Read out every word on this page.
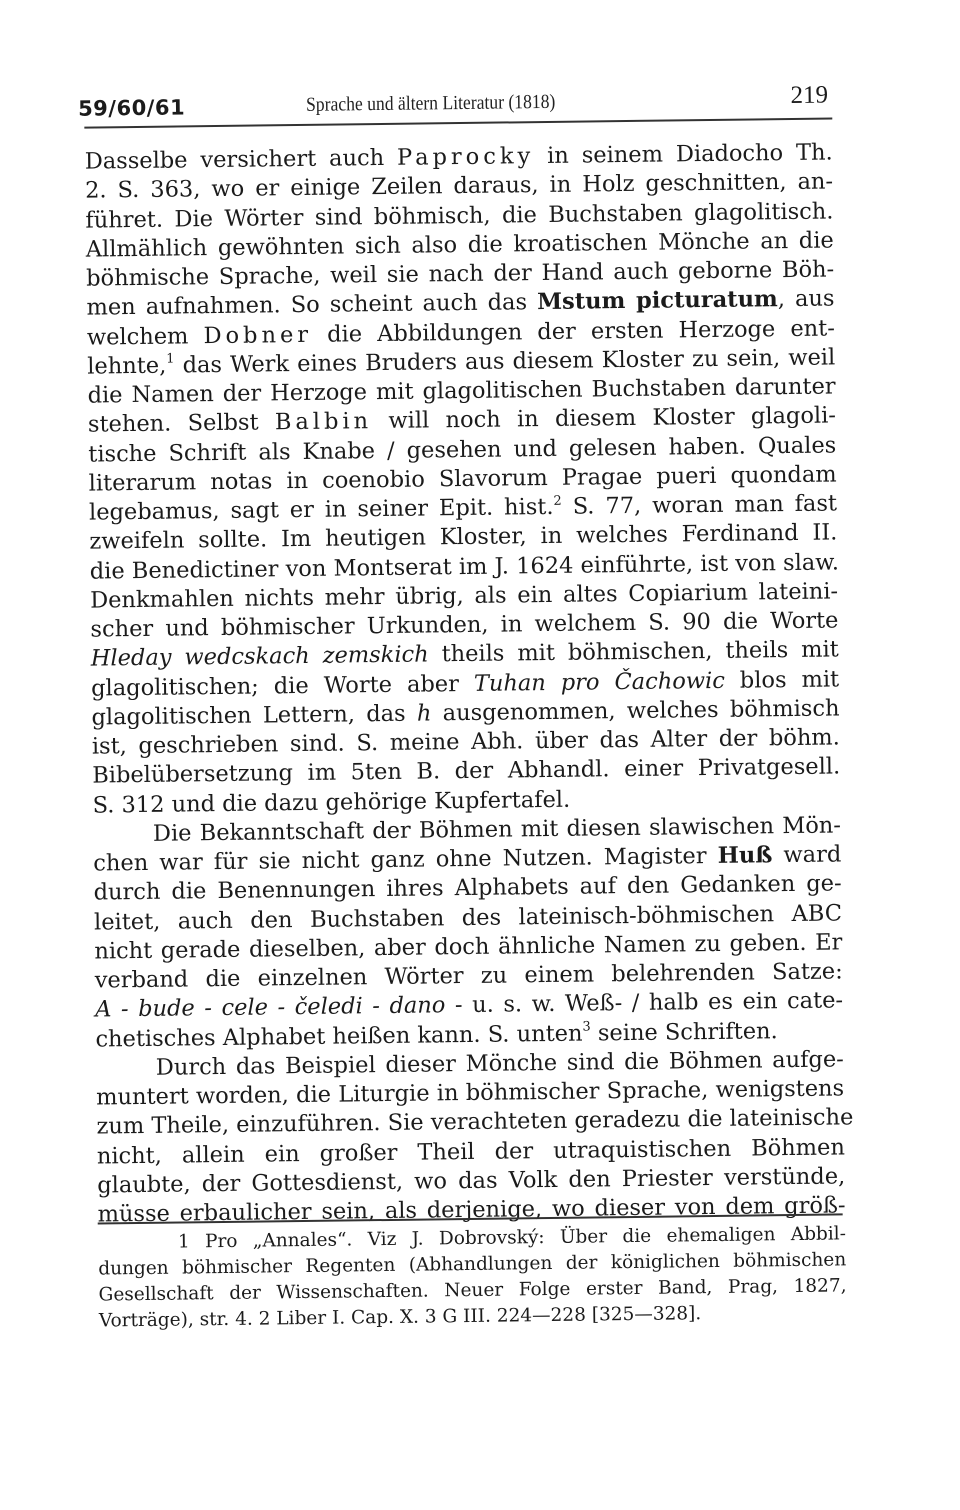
59/60/61	Sprache und ältern Literatur (1818)	219
Dasselbe versichert auch Paprocky in seinem Diadocho Th.
2. S. 363, wo er einige Zeilen daraus, in Holz geschnitten, an-
führet. Die Wörter sind böhmisch, die Buchstaben glagolitisch.
Allmählich gewöhnten sich also die kroatischen Mönche an die
böhmische Sprache, weil sie nach der Hand auch geborne Böh-
men aufnahmen. So scheint auch das Mstum picturatum, aus
welchem Dobner die Abbildungen der ersten Herzoge ent-
lehnte,$^1$ das Werk eines Bruders aus diesem Kloster zu sein, weil
die Namen der Herzoge mit glagolitischen Buchstaben darunter
stehen. Selbst Balbin will noch in diesem Kloster glagoli-
tische Schrift als Knabe / gesehen und gelesen haben. Quales
literarum notas in coenobio Slavorum Pragae pueri quondam
legebamus, sagt er in seiner Epit. hist.$^2$ S. 77, woran man fast
zweifeln sollte. Im heutigen Kloster, in welches Ferdinand II.
die Benedictiner von Montserat im J. 1624 einführte, ist von slaw.
Denkmahlen nichts mehr übrig, als ein altes Copiarium lateini-
scher und böhmischer Urkunden, in welchem S. 90 die Worte
Hleday wedcskach zemskich theils mit böhmischen, theils mit
glagolitischen; die Worte aber Tuhan pro Čachowic blos mit
glagolitischen Lettern, das h ausgenommen, welches böhmisch
ist, geschrieben sind. S. meine Abh. über das Alter der böhm.
Bibelübersetzung im 5ten B. der Abhandl. einer Privatgesell.
S. 312 und die dazu gehörige Kupfertafel.
Die Bekanntschaft der Böhmen mit diesen slawischen Mön-
chen war für sie nicht ganz ohne Nutzen. Magister Huß ward
durch die Benennungen ihres Alphabets auf den Gedanken ge-
leitet, auch den Buchstaben des lateinisch-böhmischen ABC
nicht gerade dieselben, aber doch ähnliche Namen zu geben. Er
verband die einzelnen Wörter zu einem belehrenden Satze:
A - bude - cele - čeledi - dano - u. s. w. Weß- / halb es ein cate-
chetisches Alphabet heißen kann. S. unten$^3$ seine Schriften.
Durch das Beispiel dieser Mönche sind die Böhmen aufge-
muntert worden, die Liturgie in böhmischer Sprache, wenigstens
zum Theile, einzuführen. Sie verachteten geradezu die lateinische
nicht, allein ein großer Theil der utraquistischen Böhmen
glaubte, der Gottesdienst, wo das Volk den Priester verstünde,
müsse erbaulicher sein, als derjenige, wo dieser von dem größ-
1 Pro „Annales“. Viz J. Dobrovský: Über die ehemaligen Abbil-
dungen böhmischer Regenten (Abhandlungen der königlichen böhmischen
Gesellschaft der Wissenschaften. Neuer Folge erster Band, Prag, 1827,
Vorträge), str. 4. 2 Liber I. Cap. X. 3 G III. 224—228 [325—328].
